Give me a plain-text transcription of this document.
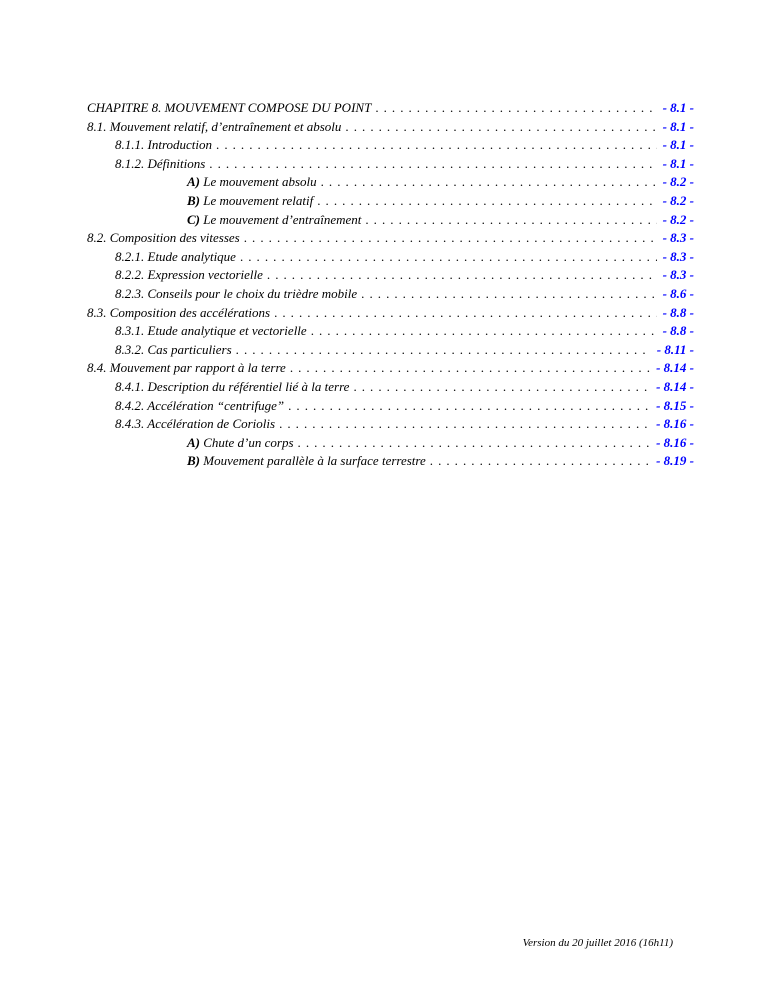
CHAPITRE 8. MOUVEMENT COMPOSE DU POINT . . .	- 8.1 -
8.1. Mouvement relatif, d’entraînement et absolu . . .	- 8.1 -
8.1.1. Introduction . . .	- 8.1 -
8.1.2. Définitions . . .	- 8.1 -
A) Le mouvement absolu . . .	- 8.2 -
B) Le mouvement relatif . . .	- 8.2 -
C) Le mouvement d’entraînement . . .	- 8.2 -
8.2. Composition des vitesses . . .	- 8.3 -
8.2.1. Etude analytique . . .	- 8.3 -
8.2.2. Expression vectorielle . . .	- 8.3 -
8.2.3. Conseils pour le choix du trièdre mobile . . .	- 8.6 -
8.3. Composition des accélérations . . .	- 8.8 -
8.3.1. Etude analytique et vectorielle . . .	- 8.8 -
8.3.2. Cas particuliers . . .	- 8.11 -
8.4. Mouvement par rapport à la terre . . .	- 8.14 -
8.4.1. Description du référentiel lié à la terre . . .	- 8.14 -
8.4.2. Accélération “centrifuge” . . .	- 8.15 -
8.4.3. Accélération de Coriolis . . .	- 8.16 -
A) Chute d’un corps . . .	- 8.16 -
B) Mouvement parallèle à la surface terrestre . . .	- 8.19 -
Version du 20 juillet 2016 (16h11)
